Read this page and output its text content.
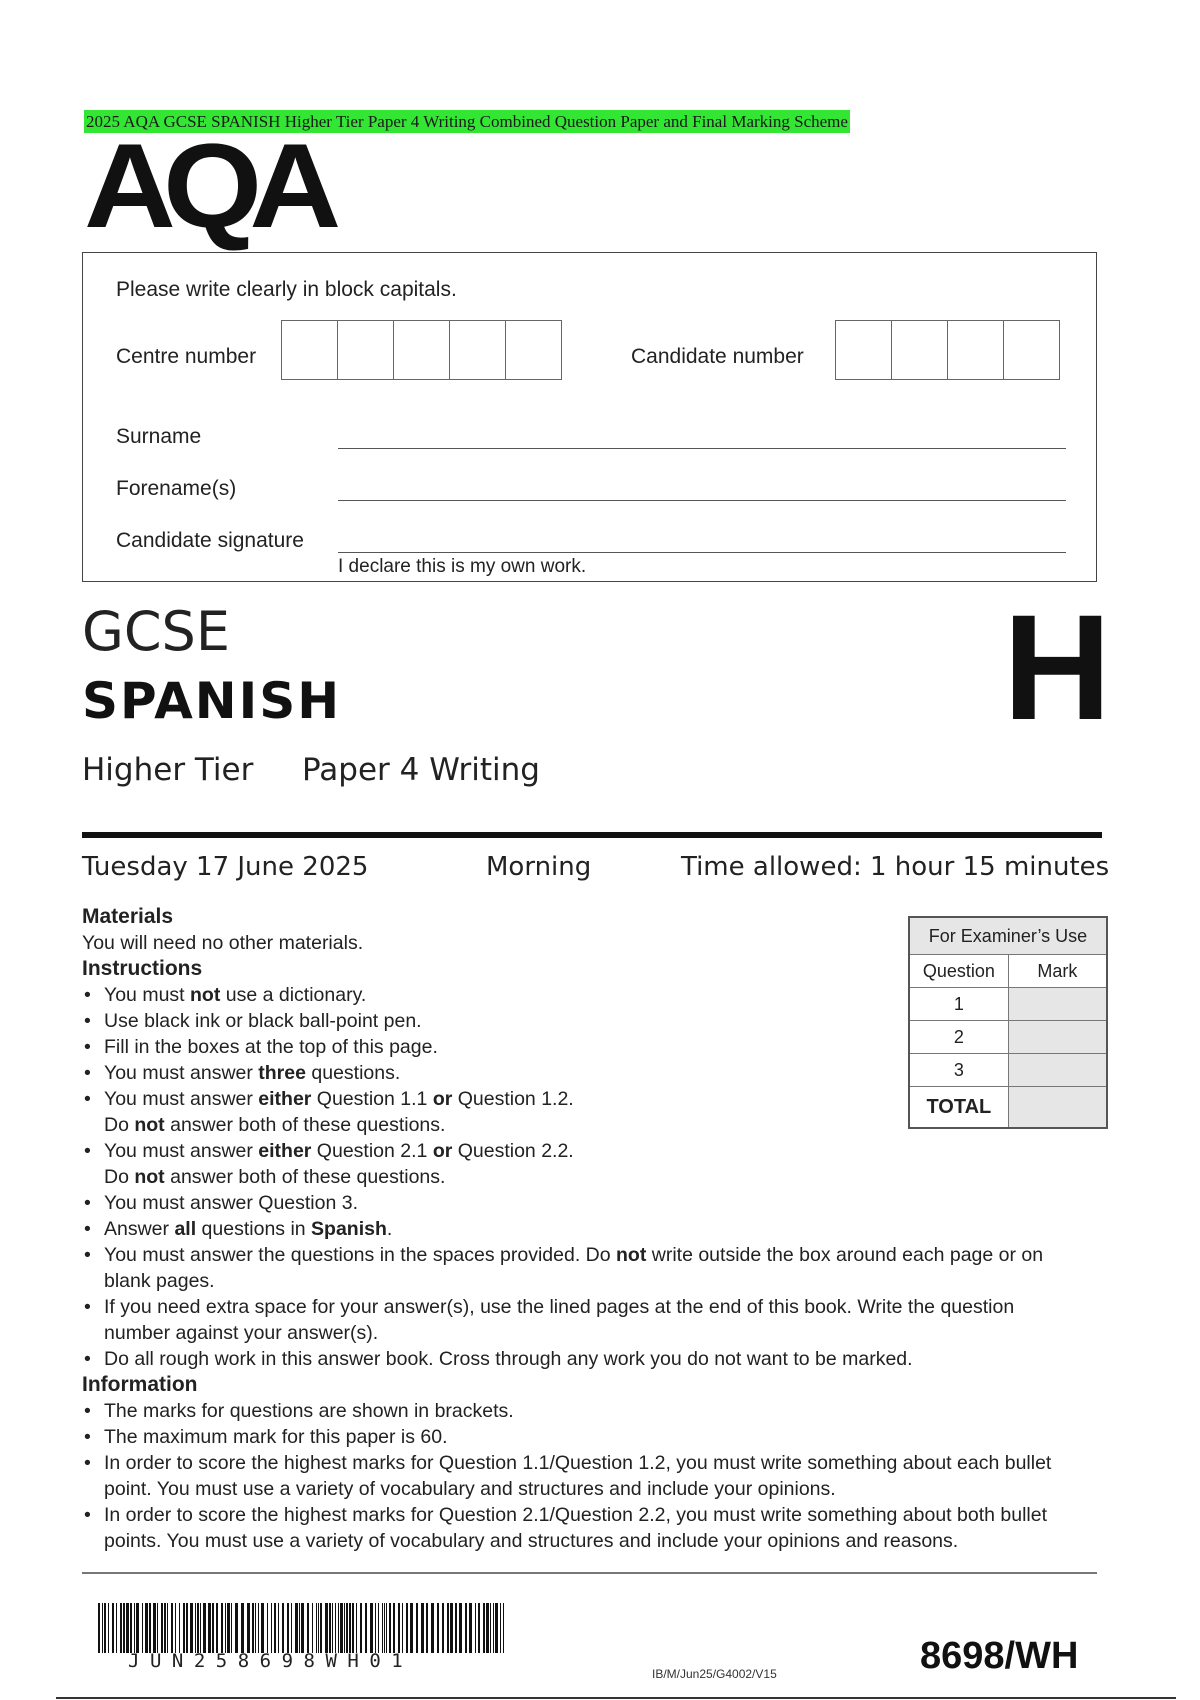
2025 AQA GCSE SPANISH Higher Tier Paper 4 Writing Combined Question Paper and Final Marking Scheme
AQA
Please write clearly in block capitals.
Centre number	Candidate number
Surname
Forename(s)
Candidate signature
I declare this is my own work.
GCSE
SPANISH	H
Higher Tier Paper 4 Writing
Tuesday 17 June 2025	Morning	Time allowed: 1 hour 15 minutes
Materials

You will need no other materials.

Instructions
• You must not use a dictionary.
• Use black ink or black ball-point pen.
• Fill in the boxes at the top of this page.
• You must answer three questions.
• You must answer either Question 1.1 or Question 1.2.
Do not answer both of these questions.
• You must answer either Question 2.1 or Question 2.2.
Do not answer both of these questions.
• You must answer Question 3.
• Answer all questions in Spanish.
• You must answer the questions in the spaces provided. Do not write outside the box around each page or on blank pages.
• If you need extra space for your answer(s), use the lined pages at the end of this book. Write the question number against your answer(s).
• Do all rough work in this answer book. Cross through any work you do not want to be marked.
Information
• The marks for questions are shown in brackets.
• The maximum mark for this paper is 60.
• In order to score the highest marks for Question 1.1/Question 1.2, you must write something about each bullet point. You must use a variety of vocabulary and structures and include your opinions.
• In order to score the highest marks for Question 2.1/Question 2.2, you must write something about both bullet points. You must use a variety of vocabulary and structures and include your opinions and reasons.
For Examiner’s Use	
Question	Mark
1	
2	
3	
TOTAL	
JUN258698WH01
IB/M/Jun25/G4002/V15	8698/WH
